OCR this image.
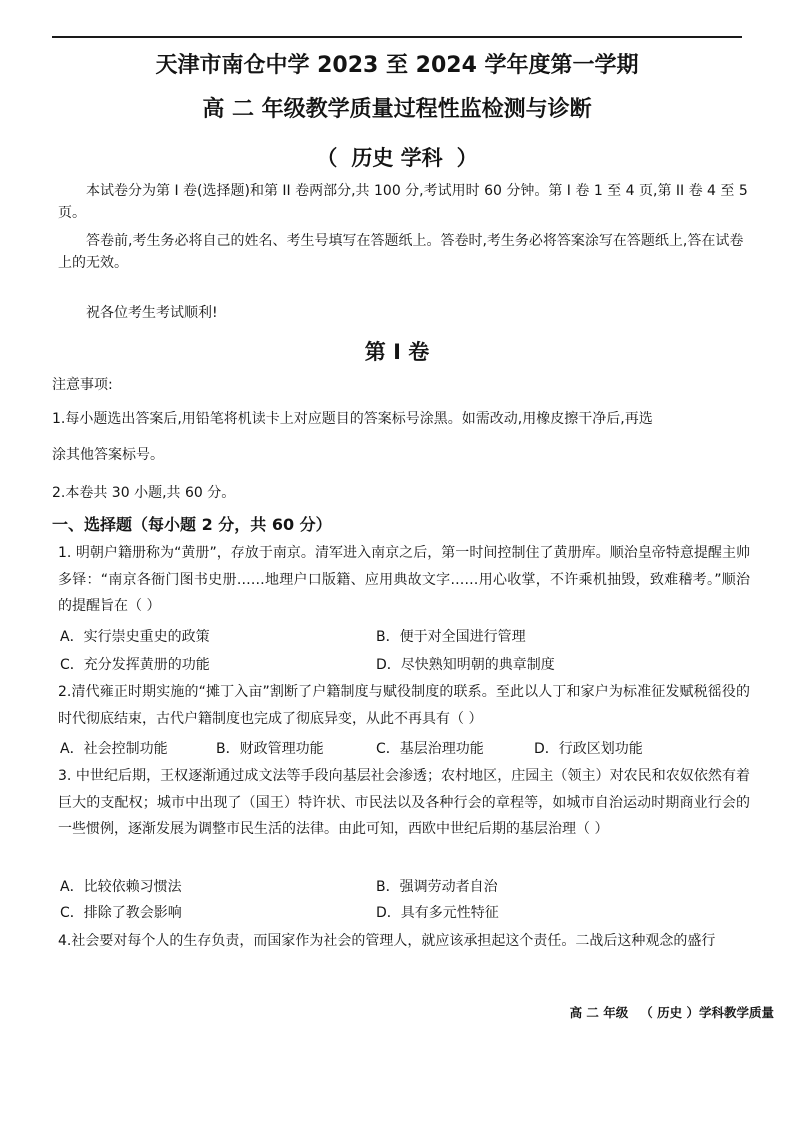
天津市南仓中学 2023 至 2024 学年度第一学期
高 二 年级教学质量过程性监检测与诊断
（ 历史 学科 ）
本试卷分为第 I 卷(选择题)和第 II 卷两部分,共 100 分,考试用时 60 分钟。第 I 卷 1 至 4 页,第 II 卷 4 至 5 页。
答卷前,考生务必将自己的姓名、考生号填写在答题纸上。答卷时,考生务必将答案涂写在答题纸上,答在试卷上的无效。
祝各位考生考试顺利!
第 I 卷
注意事项:
1.每小题选出答案后,用铅笔将机读卡上对应题目的答案标号涂黑。如需改动,用橡皮擦干净后,再选
涂其他答案标号。
2.本卷共 30 小题,共 60 分。
一、选择题（每小题 2 分，共 60 分）
1. 明朝户籍册称为“黄册”，存放于南京。清军进入南京之后，第一时间控制住了黄册库。顺治皇帝特意提醒主帅多铎：“南京各衙门图书史册……地理户口版籍、应用典故文字……用心收掌，不许乘机抽毁，致难稽考。”顺治的提醒旨在（ ）
A．实行崇史重史的政策	B．便于对全国进行管理
C．充分发挥黄册的功能	D．尽快熟知明朝的典章制度
2.清代雍正时期实施的“摊丁入亩”割断了户籍制度与赋役制度的联系。至此以人丁和家户为标准征发赋税徭役的时代彻底结束，古代户籍制度也完成了彻底异变，从此不再具有（ ）
A．社会控制功能	B．财政管理功能	C．基层治理功能	D．行政区划功能
3. 中世纪后期，王权逐渐通过成文法等手段向基层社会渗透；农村地区，庄园主（领主）对农民和农奴依然有着巨大的支配权；城市中出现了（国王）特许状、市民法以及各种行会的章程等，如城市自治运动时期商业行会的一些惯例，逐渐发展为调整市民生活的法律。由此可知，西欧中世纪后期的基层治理（ ）
A．比较依赖习惯法	B．强调劳动者自治
C．排除了教会影响	D．具有多元性特征
4.社会要对每个人的生存负责，而国家作为社会的管理人，就应该承担起这个责任。二战后这种观念的盛行
高 二 年级 （ 历史 ）学科教学质量
